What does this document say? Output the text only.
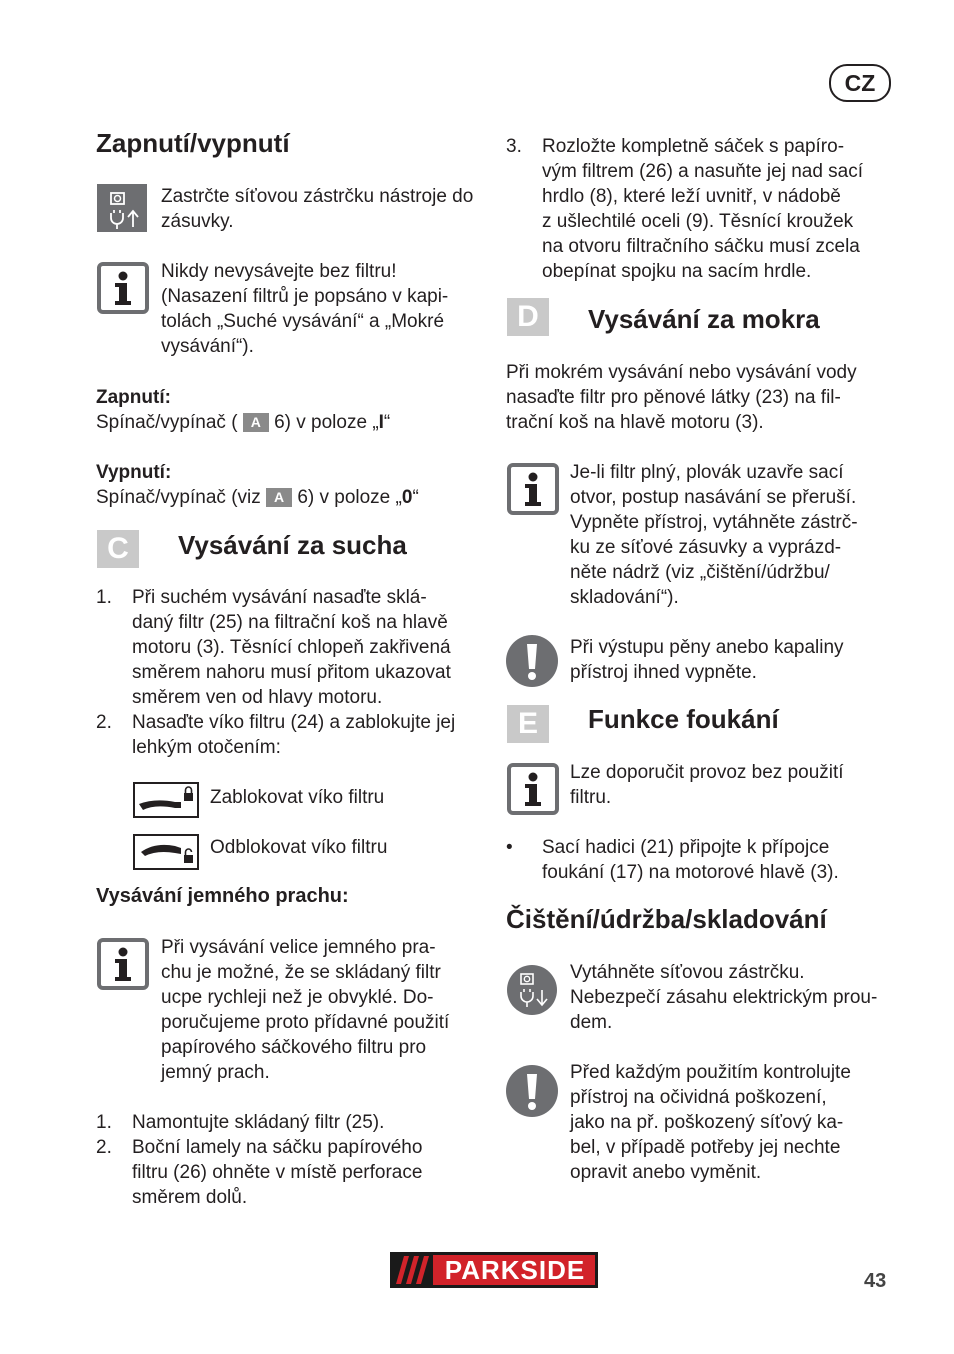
CZ
Zapnutí/vypnutí
Zastrčte síťovou zástrčku nástroje do zásuvky.

Nikdy nevysávejte bez filtru!

(Nasazení filtrů je popsáno v kapi-

tolách „Suché vysávání“ a „Mokré

vysávání“).

Zapnutí:
Spínač/vypínač ( A 6) v poloze „I“
Vypnutí:
Spínač/vypínač (viz A 6) v poloze „0“
C	Vysávání za sucha
1. Při suchém vysávání nasaďte sklá-

daný filtr (25) na filtrační koš na hlavě

motoru (3). Těsnící chlopeň zakřivená

směrem nahoru musí přitom ukazovat

směrem ven od hlavy motoru.

2. Nasaďte víko filtru (24) a zablokujte jej

lehkým otočením:

Zablokovat víko filtru
Odblokovat víko filtru
Vysávání jemného prachu:

Při vysávání velice jemného pra-

chu je možné, že se skládaný filtr

ucpe rychleji než je obvyklé. Do-

poručujeme proto přídavné použití

papírového sáčkového filtru pro

jemný prach.

1. Namontujte skládaný filtr (25).

2. Boční lamely na sáčku papírového

filtru (26) ohněte v místě perforace

směrem dolů.

3. Rozložte kompletně sáček s papíro-

vým filtrem (26) a nasuňte jej nad sací

hrdlo (8), které leží uvnitř, v nádobě

z ušlechtilé oceli (9). Těsnící kroužek

na otvoru filtračního sáčku musí zcela

obepínat spojku na sacím hrdle.

D	Vysávání za mokra

Při mokrém vysávání nebo vysávání vody

nasaďte filtr pro pěnové látky (23) na fil-

trační koš na hlavě motoru (3).

Je-li filtr plný, plovák uzavře sací

otvor, postup nasávání se přeruší.

Vypněte přístroj, vytáhněte zástrč-

ku ze síťové zásuvky a vyprázd-

něte nádrž (viz „čištění/údržbu/

skladování“).

Při výstupu pěny anebo kapaliny

přístroj ihned vypněte.

E	Funkce foukání

Lze doporučit provoz bez použití

filtru.

• Sací hadici (21) připojte k přípojce

foukání (17) na motorové hlavě (3).

Čištění/údržba/skladování

Vytáhněte síťovou zástrčku.

Nebezpečí zásahu elektrickým prou-

dem.

Před každým použitím kontrolujte

přístroj na očividná poškození,

jako na př. poškozený síťový ka-

bel, v případě potřeby jej nechte

opravit anebo vyměnit.

PARKSIDE	43
